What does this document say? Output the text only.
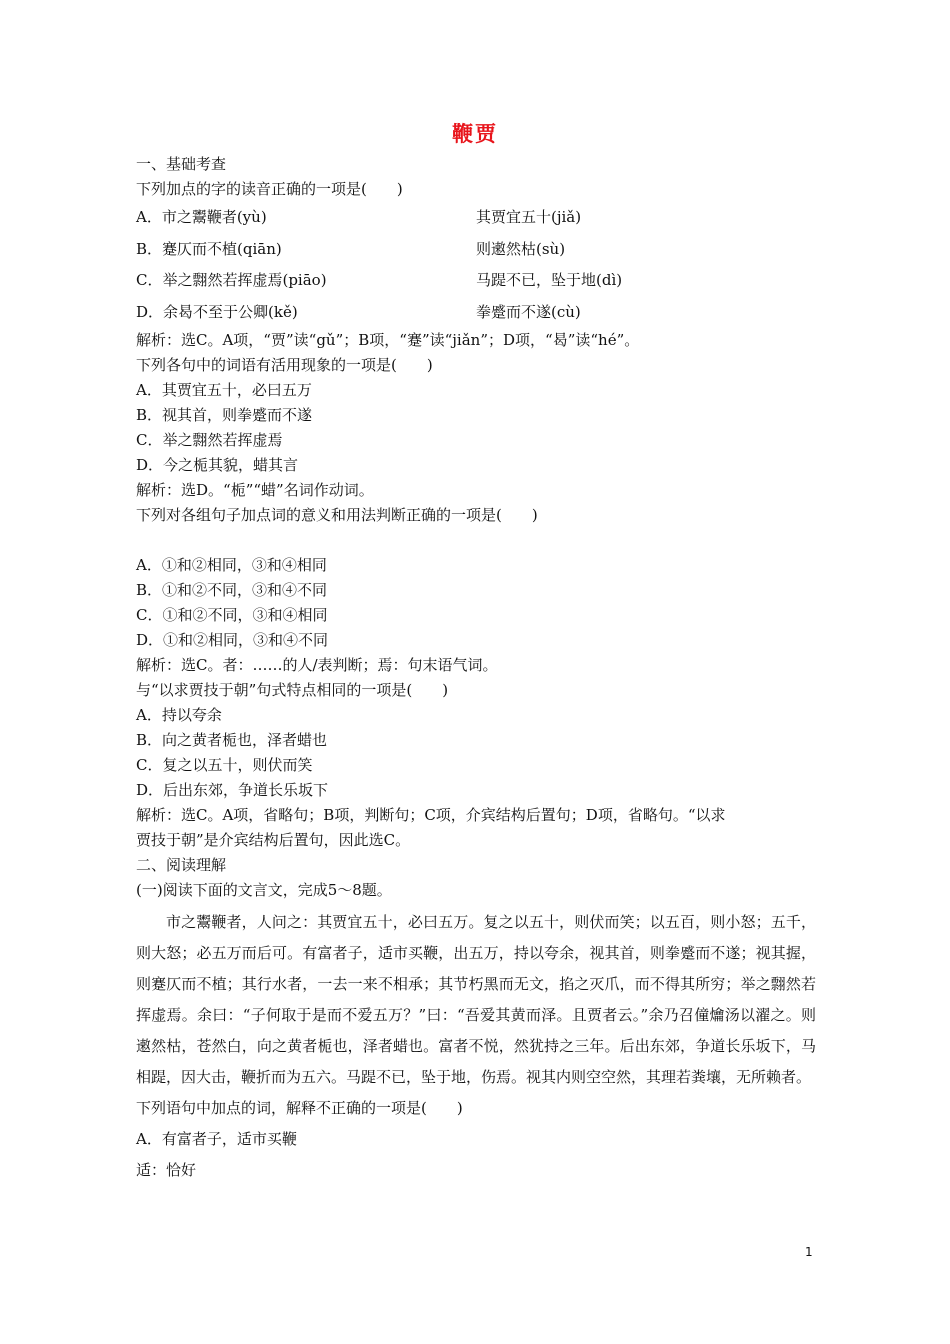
鞭贾
一、基础考查
下列加点的字的读音正确的一项是(　　)
A．市之鬻鞭者(yù)	其贾宜五十(jiǎ)
B．蹇仄而不植(qiān)	则遫然枯(sù)
C．举之翲然若挥虚焉(piāo)	马踶不已，坠于地(dì)
D．余曷不至于公卿(kě)	拳蹙而不遂(cù)
解析：选C。A项，“贾”读“gǔ”；B项，“蹇”读“jiǎn”；D项，“曷”读“hé”。
下列各句中的词语有活用现象的一项是(　　)
A．其贾宜五十，必曰五万
B．视其首，则拳蹙而不遂
C．举之翲然若挥虚焉
D．今之栀其貌，蜡其言
解析：选D。“栀”“蜡”名词作动词。
下列对各组句子加点词的意义和用法判断正确的一项是(　　)
A．①和②相同，③和④相同
B．①和②不同，③和④不同
C．①和②不同，③和④相同
D．①和②相同，③和④不同
解析：选C。者：……的人/表判断；焉：句末语气词。
与“以求贾技于朝”句式特点相同的一项是(　　)
A．持以夸余
B．向之黄者栀也，泽者蜡也
C．复之以五十，则伏而笑
D．后出东郊，争道长乐坂下
解析：选C。A项，省略句；B项，判断句；C项，介宾结构后置句；D项，省略句。“以求
贾技于朝”是介宾结构后置句，因此选C。
二、阅读理解
(一)阅读下面的文言文，完成5～8题。

市之鬻鞭者，人问之：其贾宜五十，必曰五万。复之以五十，则伏而笑；以五百，则小怒；五千，则大怒；必五万而后可。有富者子，适市买鞭，出五万，持以夸余，视其首，则拳蹙而不遂；视其握，则蹇仄而不植；其行水者，一去一来不相承；其节朽黑而无文，掐之灭爪，而不得其所穷；举之翲然若挥虚焉。余曰：“子何取于是而不爱五万？”曰：“吾爱其黄而泽。且贾者云。”余乃召僮爚汤以濯之。则遫然枯，苍然白，向之黄者栀也，泽者蜡也。富者不悦，然犹持之三年。后出东郊，争道长乐坂下，马相踶，因大击，鞭折而为五六。马踶不已，坠于地，伤焉。视其内则空空然，其理若粪壤，无所赖者。

下列语句中加点的词，解释不正确的一项是(　　)
A．有富者子，适市买鞭
适：恰好
1
